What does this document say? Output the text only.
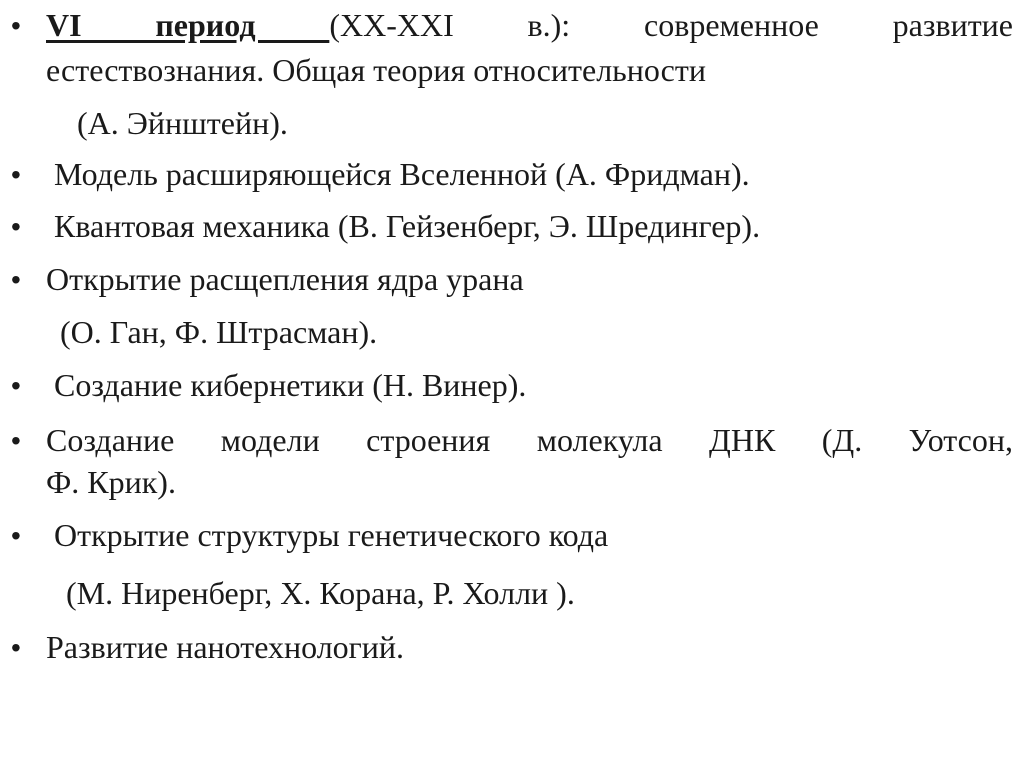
• VI период (XX-XXI в.): современное развитие
естествознания. Общая теория относительности
(А. Эйнштейн).
• Модель расширяющейся Вселенной (А. Фридман).
• Квантовая механика (В. Гейзенберг, Э. Шредингер).
• Открытие расщепления ядра урана
(О. Ган, Ф. Штрасман).
• Создание кибернетики (Н. Винер).
• Создание модели строения молекула ДНК (Д. Уотсон,
Ф. Крик).
• Открытие структуры генетического кода
(М. Ниренберг, Х. Корана, Р. Холли ).
• Развитие нанотехнологий.
